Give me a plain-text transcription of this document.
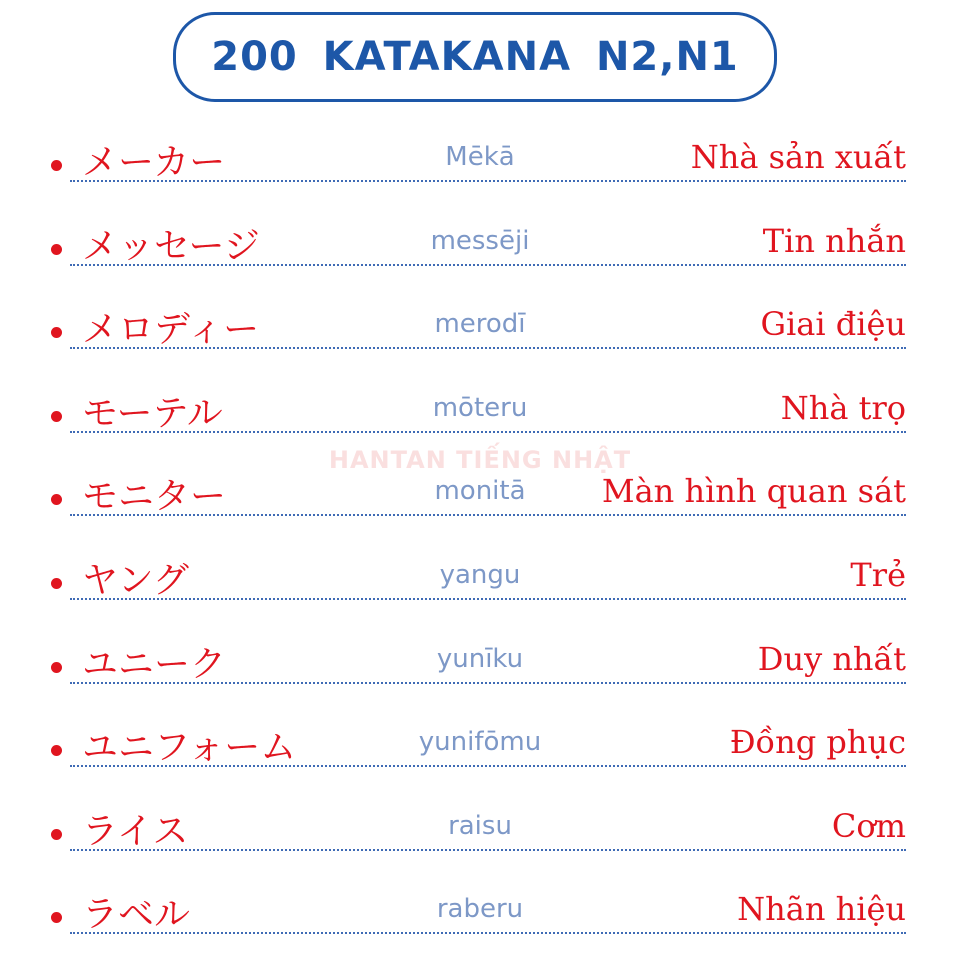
200 KATAKANA N2,N1
HANTAN TIẾNG NHẬT
メーカー	Mēkā	Nhà sản xuất
メッセージ	messēji	Tin nhắn
メロディー	merodī	Giai điệu
モーテル	mōteru	Nhà trọ
モニター	monitā	Màn hình quan sát
ヤング	yangu	Trẻ
ユニーク	yunīku	Duy nhất
ユニフォーム	yunifōmu	Đồng phục
ライス	raisu	Cơm
ラベル	raberu	Nhãn hiệu
